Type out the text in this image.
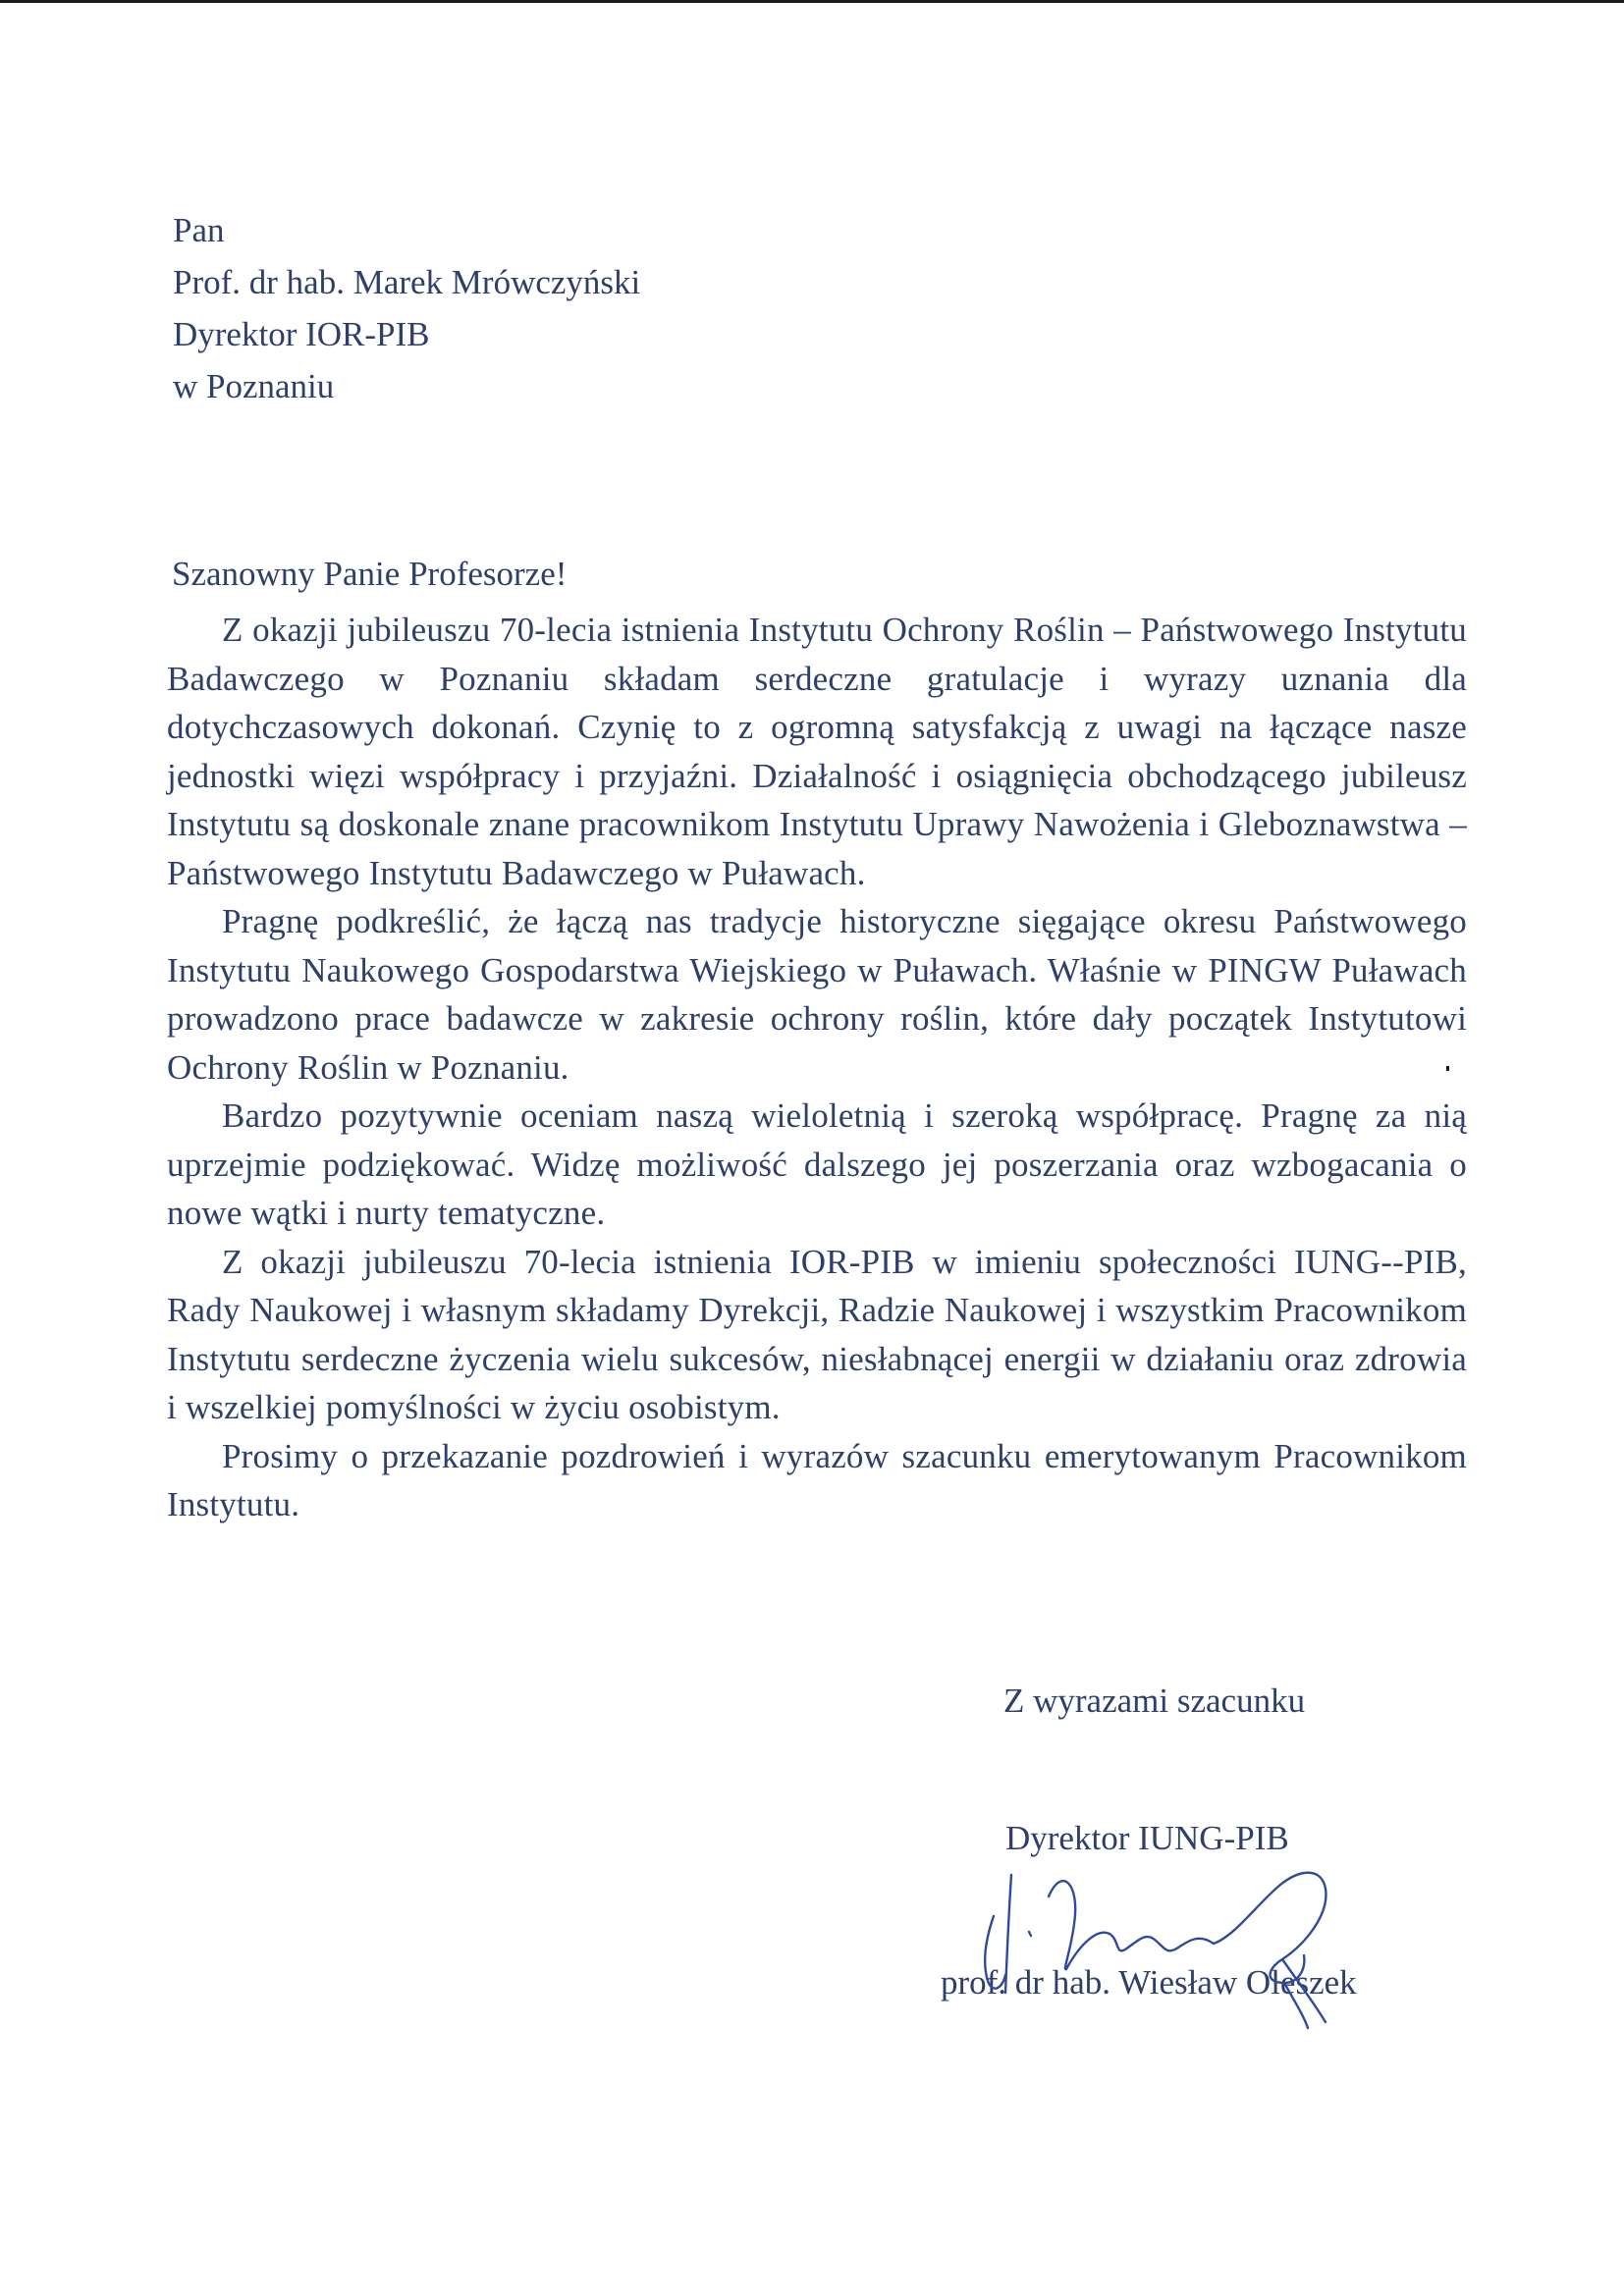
Pan
Prof. dr hab. Marek Mrówczyński
Dyrektor IOR-PIB
w Poznaniu
Szanowny Panie Profesorze!

Z okazji jubileuszu 70-lecia istnienia Instytutu Ochrony Roślin – Państwowego Instytutu Badawczego w Poznaniu składam serdeczne gratulacje i wyrazy uznania dla dotychczasowych dokonań. Czynię to z ogromną satysfakcją z uwagi na łączące nasze jednostki więzi współpracy i przyjaźni. Działalność i osiągnięcia obchodzącego jubileusz Instytutu są doskonale znane pracownikom Instytutu Uprawy Nawożenia i Gleboznawstwa – Państwowego Instytutu Badawczego w Puławach.

Pragnę podkreślić, że łączą nas tradycje historyczne sięgające okresu Państwowego Instytutu Naukowego Gospodarstwa Wiejskiego w Puławach. Właśnie w PINGW Puławach prowadzono prace badawcze w zakresie ochrony roślin, które dały początek Instytutowi Ochrony Roślin w Poznaniu.

Bardzo pozytywnie oceniam naszą wieloletnią i szeroką współpracę. Pragnę za nią uprzejmie podziękować. Widzę możliwość dalszego jej poszerzania oraz wzbogacania o nowe wątki i nurty tematyczne.

Z okazji jubileuszu 70-lecia istnienia IOR-PIB w imieniu społeczności IUNG--PIB, Rady Naukowej i własnym składamy Dyrekcji, Radzie Naukowej i wszystkim Pracownikom Instytutu serdeczne życzenia wielu sukcesów, niesłabnącej energii w działaniu oraz zdrowia i wszelkiej pomyślności w życiu osobistym.

Prosimy o przekazanie pozdrowień i wyrazów szacunku emerytowanym Pracownikom Instytutu.

Z wyrazami szacunku
Dyrektor IUNG-PIB
prof. dr hab. Wiesław Oleszek
